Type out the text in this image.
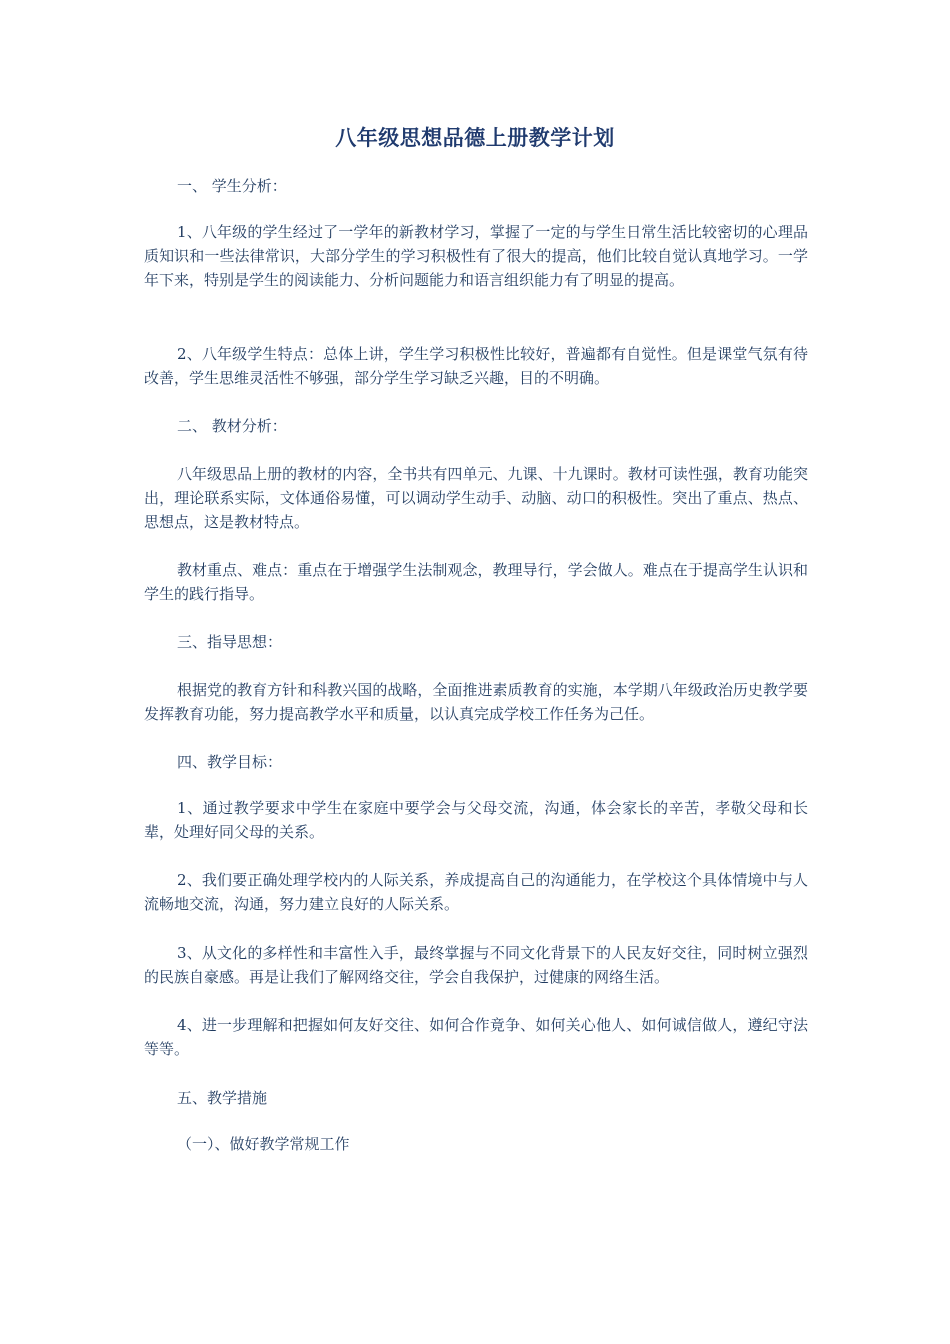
八年级思想品德上册教学计划
一、 学生分析：
1、八年级的学生经过了一学年的新教材学习，掌握了一定的与学生日常生活比较密切的心理品质知识和一些法律常识，大部分学生的学习积极性有了很大的提高，他们比较自觉认真地学习。一学年下来，特别是学生的阅读能力、分析问题能力和语言组织能力有了明显的提高。
2、八年级学生特点：总体上讲，学生学习积极性比较好，普遍都有自觉性。但是课堂气氛有待改善，学生思维灵活性不够强，部分学生学习缺乏兴趣，目的不明确。
二、 教材分析：
八年级思品上册的教材的内容，全书共有四单元、九课、十九课时。教材可读性强，教育功能突出，理论联系实际，文体通俗易懂，可以调动学生动手、动脑、动口的积极性。突出了重点、热点、思想点，这是教材特点。
教材重点、难点：重点在于增强学生法制观念，教理导行，学会做人。难点在于提高学生认识和学生的践行指导。
三、指导思想：
根据党的教育方针和科教兴国的战略，全面推进素质教育的实施，本学期八年级政治历史教学要发挥教育功能，努力提高教学水平和质量，以认真完成学校工作任务为己任。
四、教学目标：
1、通过教学要求中学生在家庭中要学会与父母交流，沟通，体会家长的辛苦，孝敬父母和长辈，处理好同父母的关系。
2、我们要正确处理学校内的人际关系，养成提高自己的沟通能力，在学校这个具体情境中与人流畅地交流，沟通，努力建立良好的人际关系。
3、从文化的多样性和丰富性入手，最终掌握与不同文化背景下的人民友好交往，同时树立强烈的民族自豪感。再是让我们了解网络交往，学会自我保护，过健康的网络生活。
4、进一步理解和把握如何友好交往、如何合作竟争、如何关心他人、如何诚信做人，遵纪守法等等。
五、教学措施
（一）、做好教学常规工作
